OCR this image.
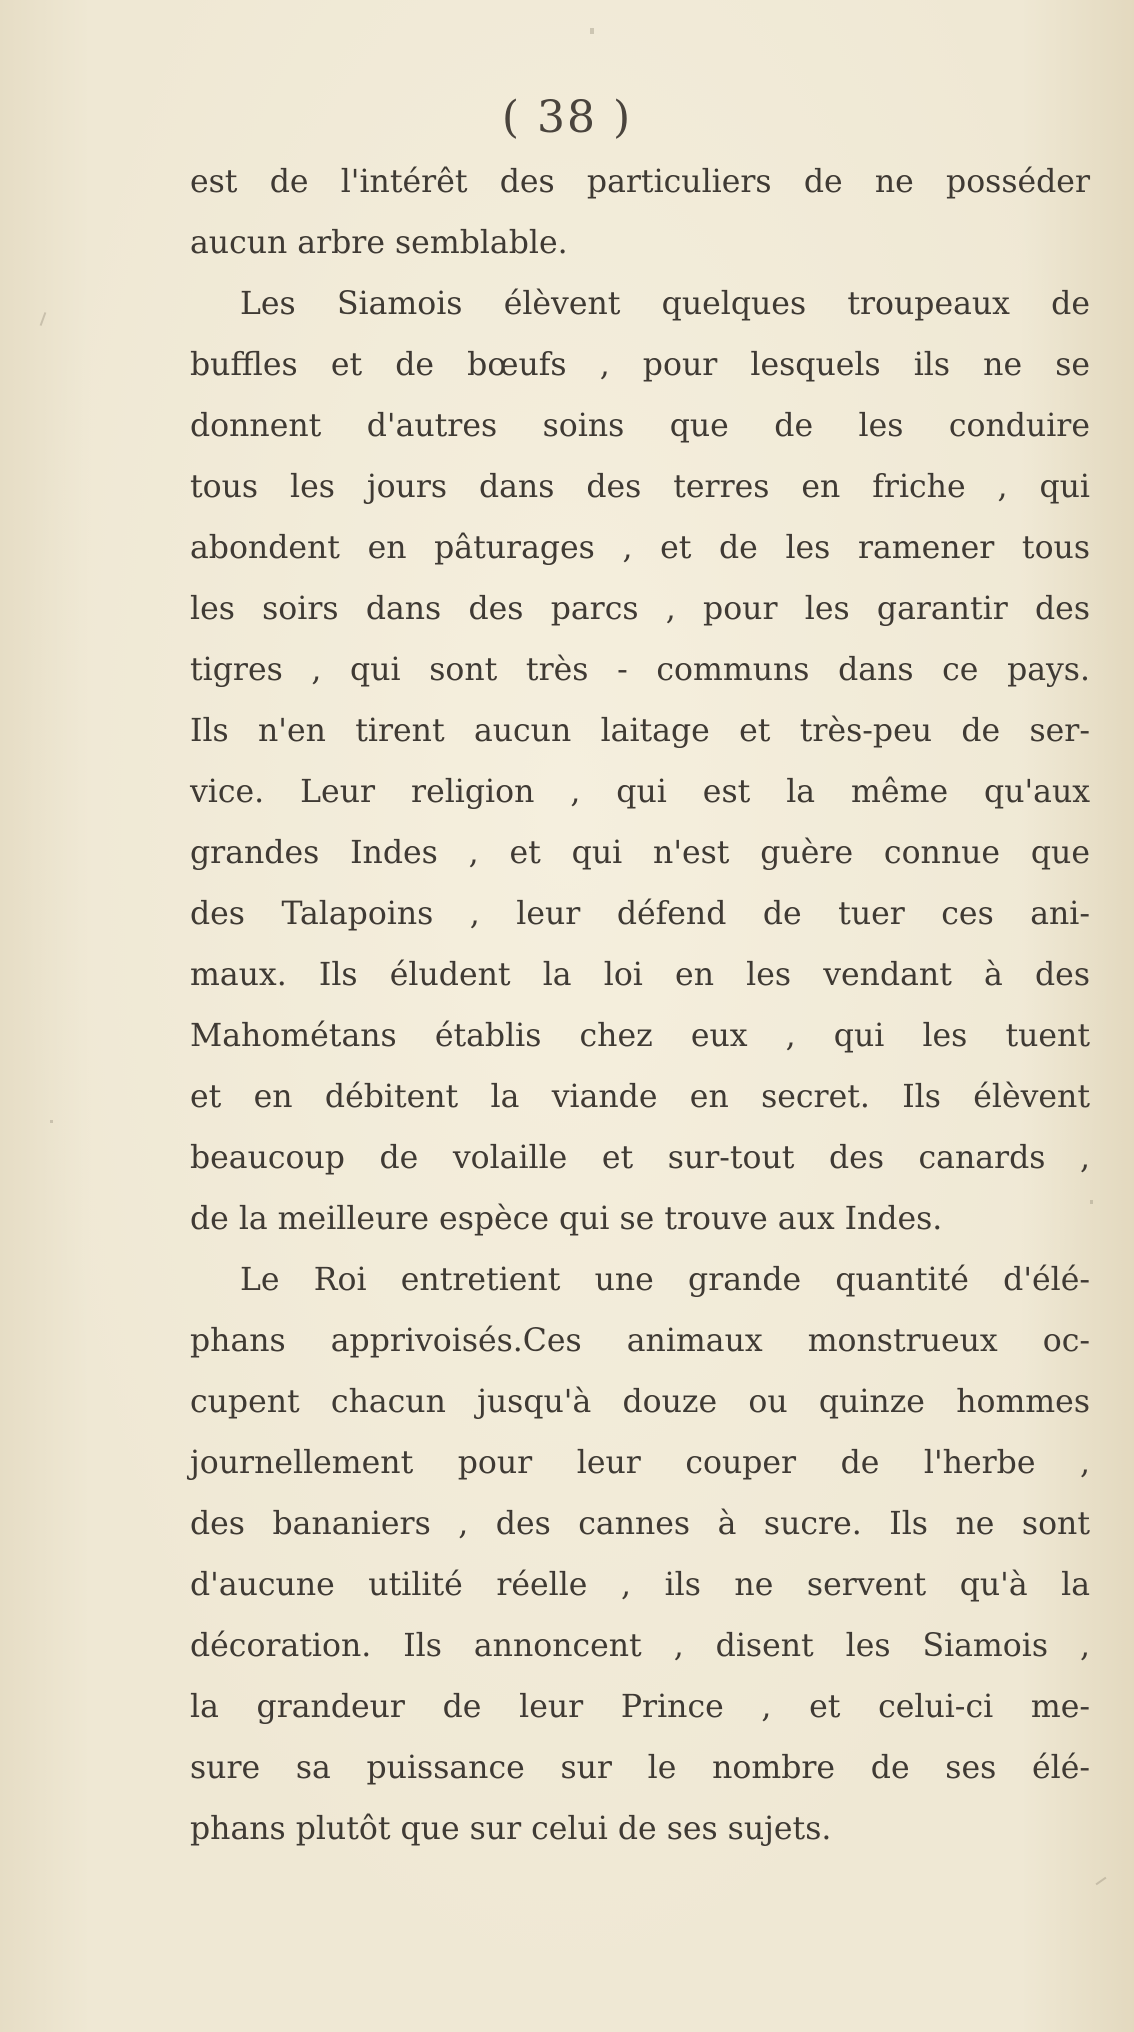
( 38 )
est de l'intérêt des particuliers de ne posséder
aucun arbre semblable.
Les Siamois élèvent quelques troupeaux de
buffles et de bœufs , pour lesquels ils ne se
donnent d'autres soins que de les conduire
tous les jours dans des terres en friche , qui
abondent en pâturages , et de les ramener tous
les soirs dans des parcs , pour les garantir des
tigres , qui sont très - communs dans ce pays.
Ils n'en tirent aucun laitage et très-peu de ser-
vice. Leur religion , qui est la même qu'aux
grandes Indes , et qui n'est guère connue que
des Talapoins , leur défend de tuer ces ani-
maux. Ils éludent la loi en les vendant à des
Mahométans établis chez eux , qui les tuent
et en débitent la viande en secret. Ils élèvent
beaucoup de volaille et sur-tout des canards ,
de la meilleure espèce qui se trouve aux Indes.
Le Roi entretient une grande quantité d'élé-
phans apprivoisés.Ces animaux monstrueux oc-
cupent chacun jusqu'à douze ou quinze hommes
journellement pour leur couper de l'herbe ,
des bananiers , des cannes à sucre. Ils ne sont
d'aucune utilité réelle , ils ne servent qu'à la
décoration. Ils annoncent , disent les Siamois ,
la grandeur de leur Prince , et celui-ci me-
sure sa puissance sur le nombre de ses élé-
phans plutôt que sur celui de ses sujets.
